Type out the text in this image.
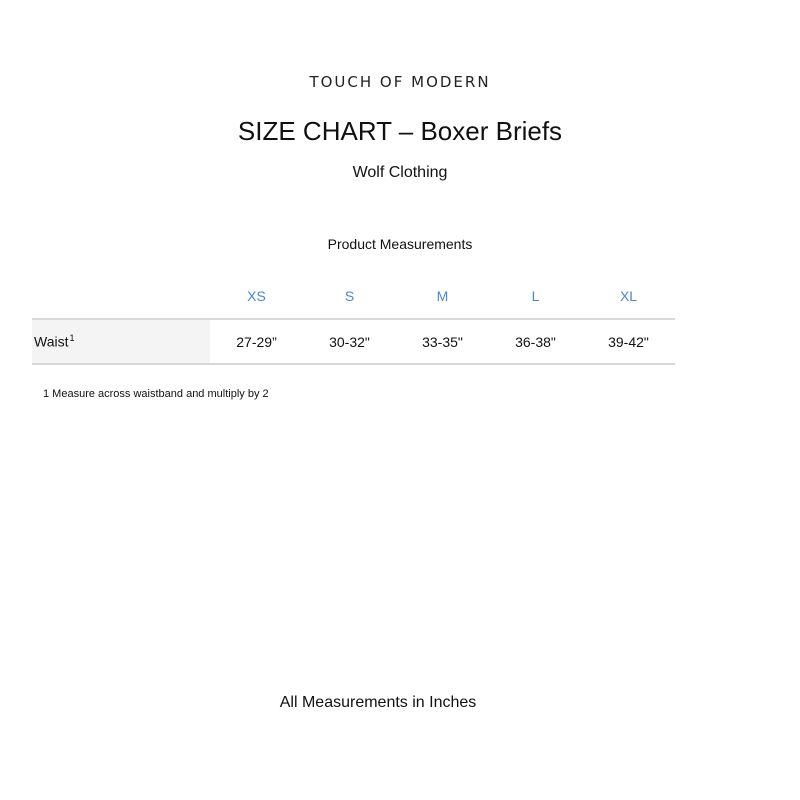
TOUCH OF MODERN
SIZE CHART – Boxer Briefs
Wolf Clothing
Product Measurements
	XS	S	M	L	XL
Waist$^1$	27-29”	30-32"	33-35"	36-38"	39-42"
1 Measure across waistband and multiply by 2
All Measurements in Inches
